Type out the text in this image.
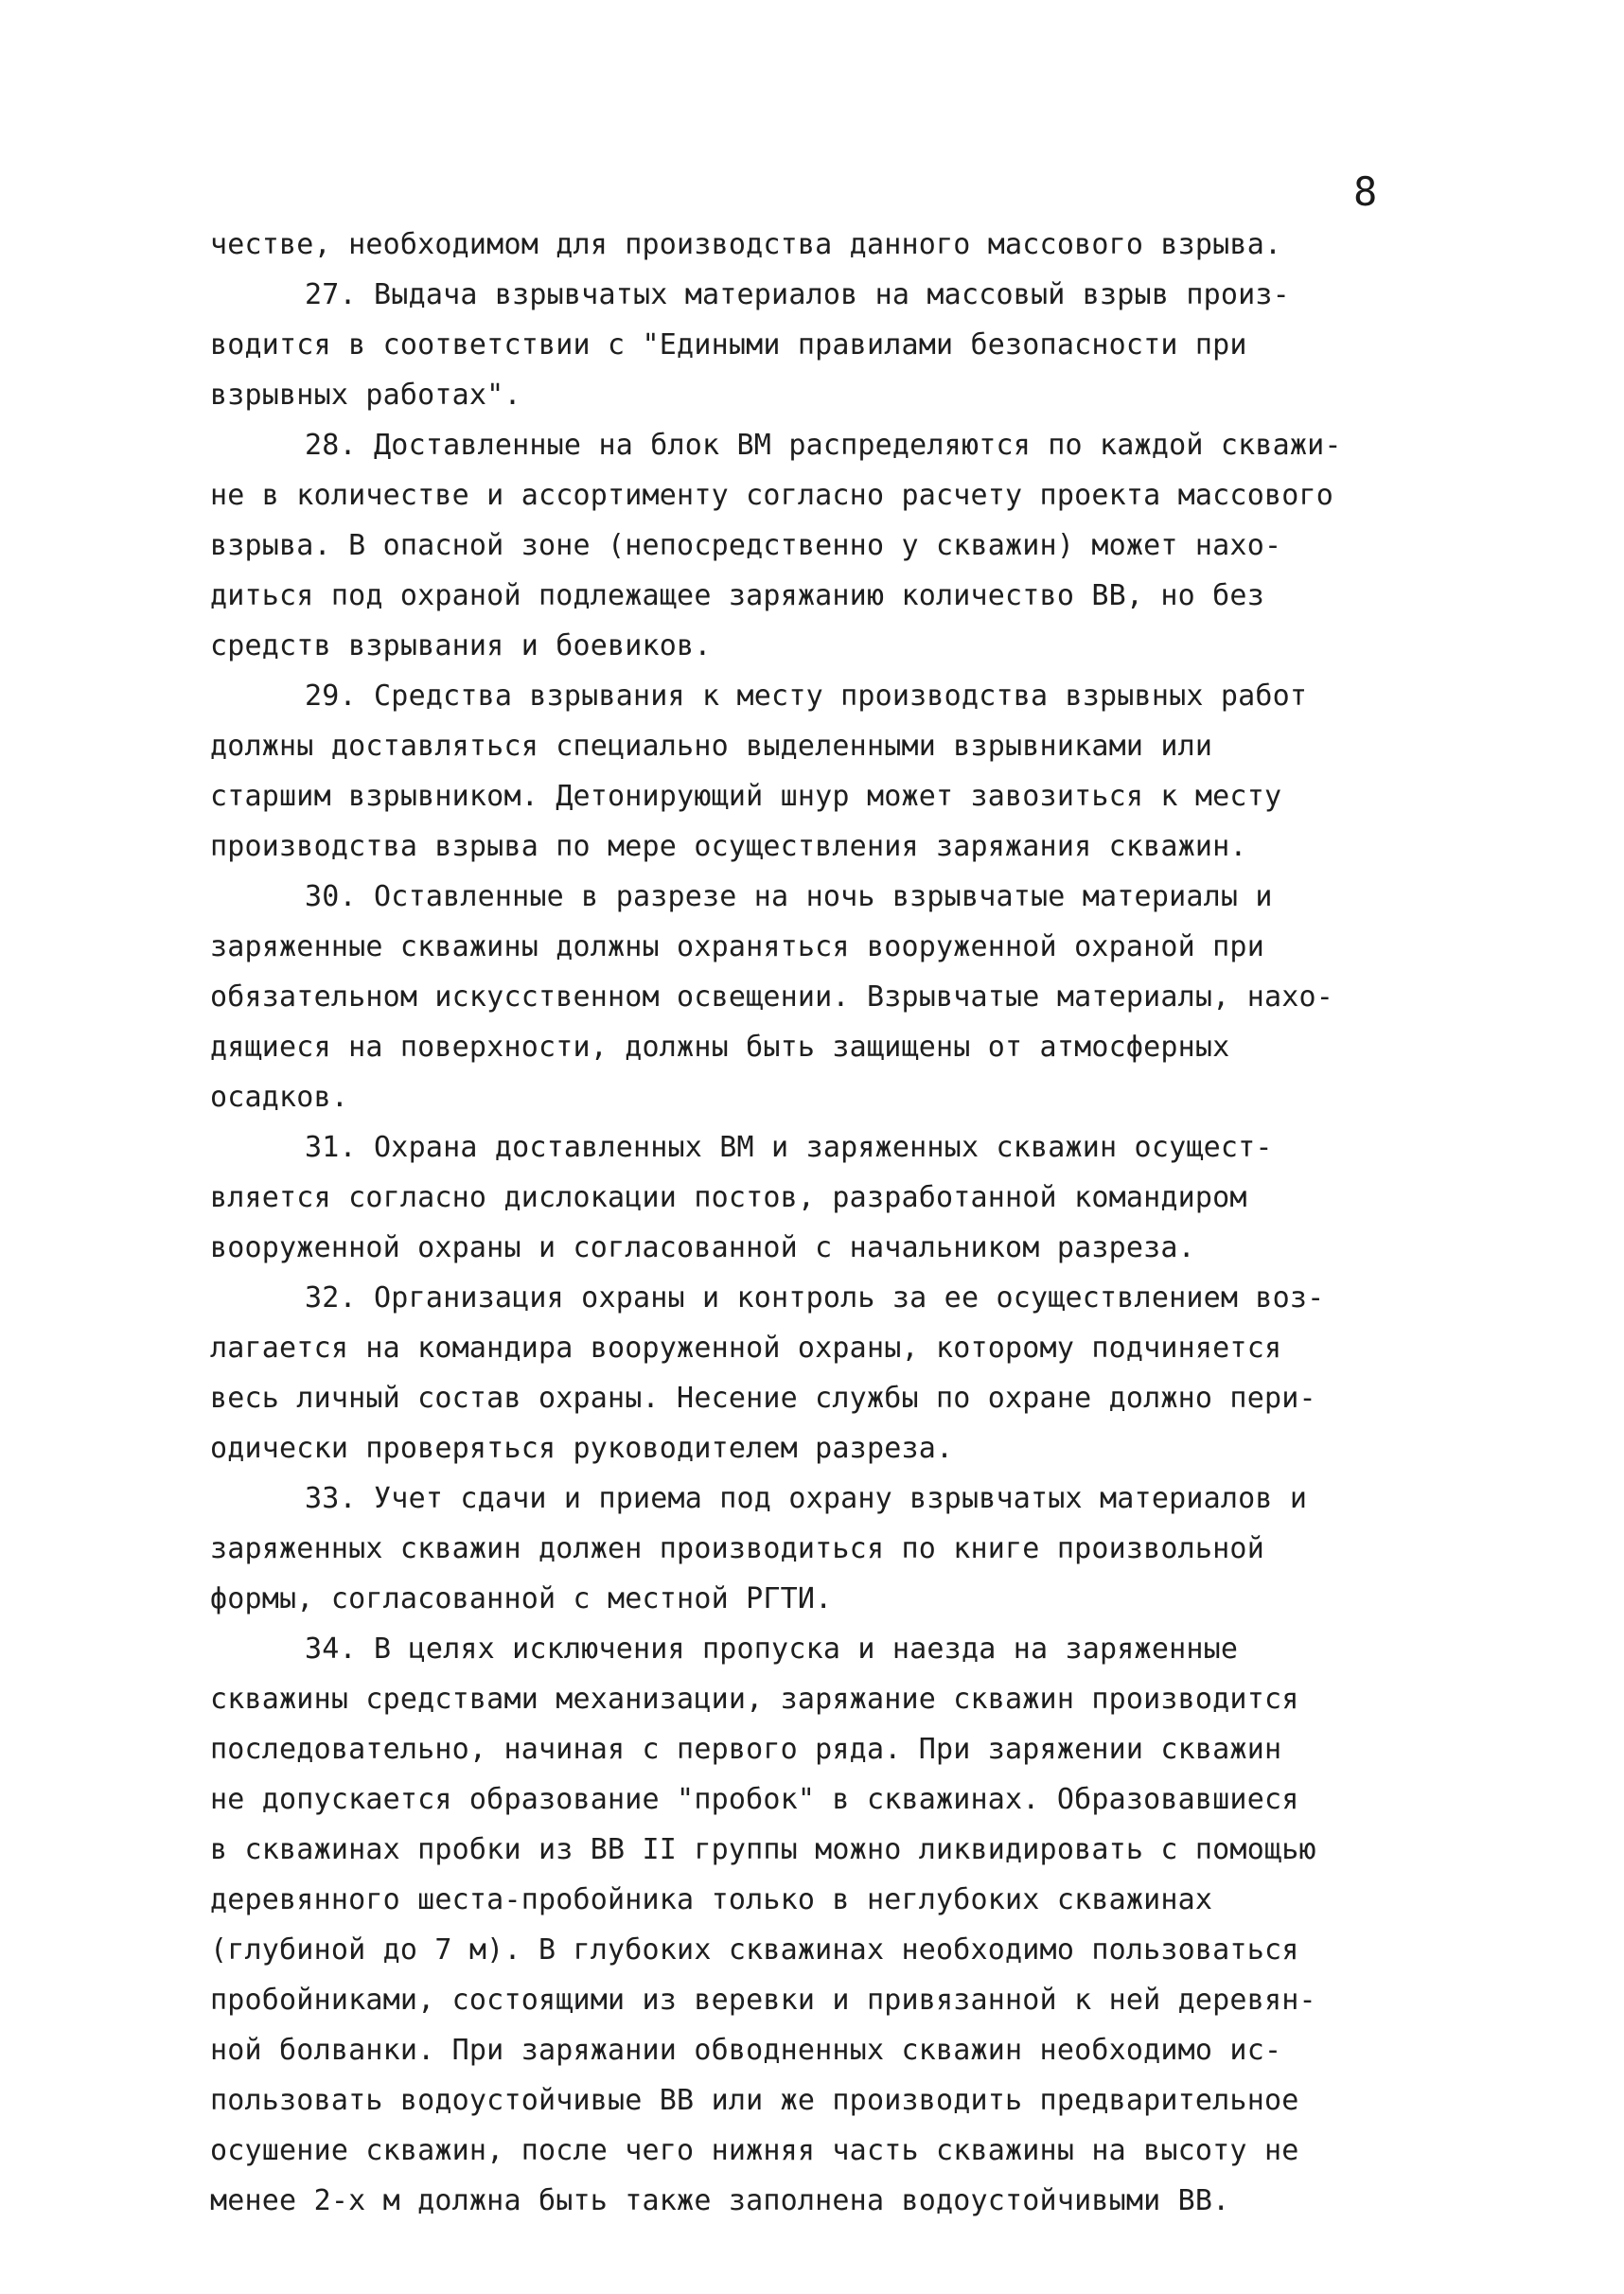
8
честве, необходимом для производства данного массового взрыва.
27. Выдача взрывчатых материалов на массовый взрыв произ-
водится в соответствии с "Едиными правилами безопасности при
взрывных работах".
28. Доставленные на блок ВМ распределяются по каждой скважи-
не в количестве и ассортименту согласно расчету проекта массового
взрыва. В опасной зоне (непосредственно у скважин) может нахо-
диться под охраной подлежащее заряжанию количество ВВ, но без
средств взрывания и боевиков.
29. Средства взрывания к месту производства взрывных работ
должны доставляться специально выделенными взрывниками или
старшим взрывником. Детонирующий шнур может завозиться к месту
производства взрыва по мере осуществления заряжания скважин.
30. Оставленные в разрезе на ночь взрывчатые материалы и
заряженные скважины должны охраняться вооруженной охраной при
обязательном искусственном освещении. Взрывчатые материалы, нахо-
дящиеся на поверхности, должны быть защищены от атмосферных
осадков.
31. Охрана доставленных ВМ и заряженных скважин осущест-
вляется согласно дислокации постов, разработанной командиром
вооруженной охраны и согласованной с начальником разреза.
32. Организация охраны и контроль за ее осуществлением воз-
лагается на командира вооруженной охраны, которому подчиняется
весь личный состав охраны. Несение службы по охране должно пери-
одически проверяться руководителем разреза.
33. Учет сдачи и приема под охрану взрывчатых материалов и
заряженных скважин должен производиться по книге произвольной
формы, согласованной с местной РГТИ.
34. В целях исключения пропуска и наезда на заряженные
скважины средствами механизации, заряжание скважин производится
последовательно, начиная с первого ряда. При заряжении скважин
не допускается образование "пробок" в скважинах. Образовавшиеся
в скважинах пробки из ВВ II группы можно ликвидировать с помощью
деревянного шеста-пробойника только в неглубоких скважинах
(глубиной до 7 м). В глубоких скважинах необходимо пользоваться
пробойниками, состоящими из веревки и привязанной к ней деревян-
ной болванки. При заряжании обводненных скважин необходимо ис-
пользовать водоустойчивые ВВ или же производить предварительное
осушение скважин, после чего нижняя часть скважины на высоту не
менее 2-х м должна быть также заполнена водоустойчивыми ВВ.
